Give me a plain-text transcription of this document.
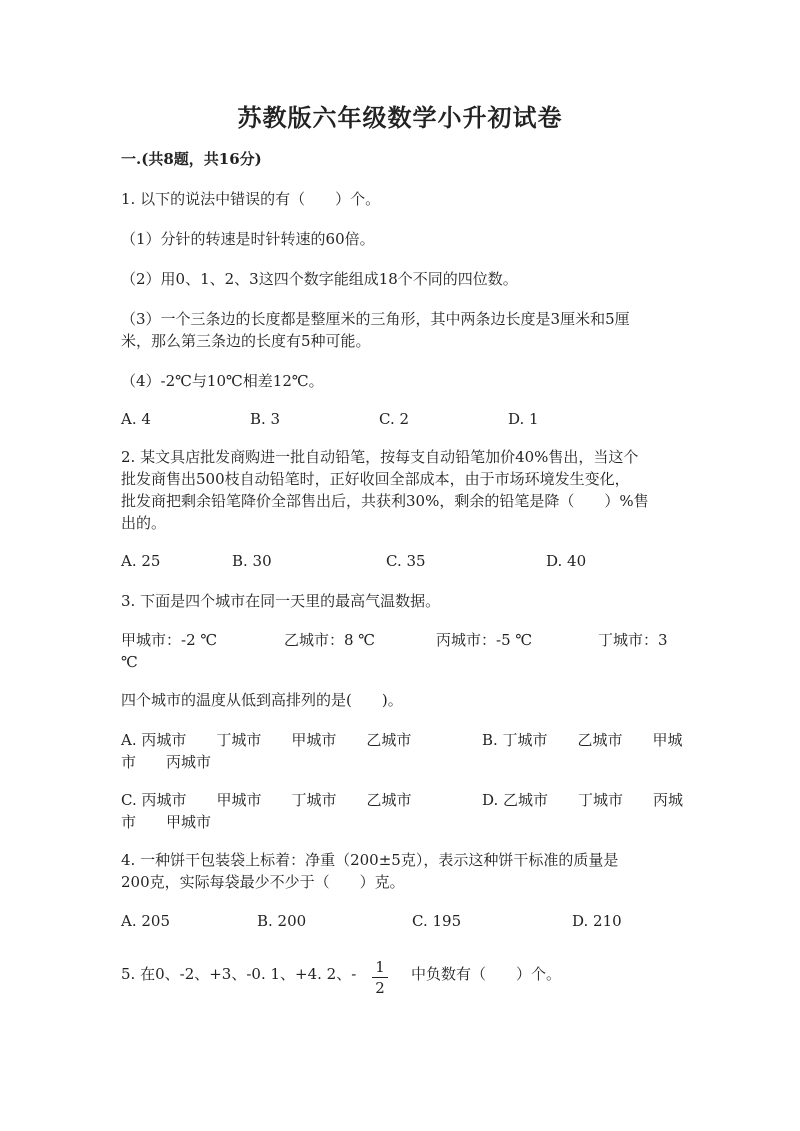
苏教版六年级数学小升初试卷
一.(共8题，共16分)
1. 以下的说法中错误的有（　　）个。
（1）分针的转速是时针转速的60倍。
（2）用0、1、2、3这四个数字能组成18个不同的四位数。
（3）一个三条边的长度都是整厘米的三角形，其中两条边长度是3厘米和5厘
米，那么第三条边的长度有5种可能。
（4）-2℃与10℃相差12℃。
A. 4	B. 3	C. 2	D. 1
2. 某文具店批发商购进一批自动铅笔，按每支自动铅笔加价40%售出，当这个
批发商售出500枝自动铅笔时，正好收回全部成本，由于市场环境发生变化，
批发商把剩余铅笔降价全部售出后，共获利30%，剩余的铅笔是降（　　）%售
出的。
A. 25	B. 30	C. 35	D. 40
3. 下面是四个城市在同一天里的最高气温数据。
甲城市：-2 ℃	乙城市：8 ℃	丙城市：-5 ℃	丁城市：3
℃
四个城市的温度从低到高排列的是(　　)。
A. 丙城市　　丁城市　　甲城市　　乙城市	B. 丁城市　　乙城市　　甲城
市　　丙城市
C. 丙城市　　甲城市　　丁城市　　乙城市	D. 乙城市　　丁城市　　丙城
市　　甲城市
4. 一种饼干包装袋上标着：净重（200±5克），表示这种饼干标准的质量是
200克，实际每袋最少不少于（　　）克。
A. 205	B. 200	C. 195	D. 210
5. 在0、-2、+3、-0. 1、+4. 2、- 1
2
中负数有（　　）个。
